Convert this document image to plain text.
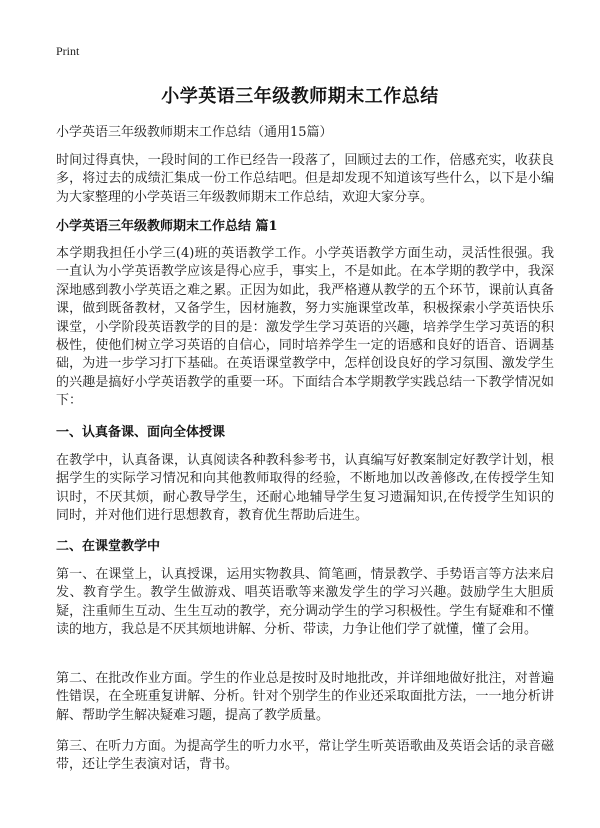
Print
小学英语三年级教师期末工作总结
小学英语三年级教师期末工作总结（通用15篇）
时间过得真快，一段时间的工作已经告一段落了，回顾过去的工作，倍感充实，收获良多，将过去的成绩汇集成一份工作总结吧。但是却发现不知道该写些什么，以下是小编为大家整理的小学英语三年级教师期末工作总结，欢迎大家分享。
小学英语三年级教师期末工作总结 篇1
本学期我担任小学三(4)班的英语教学工作。小学英语教学方面生动，灵活性很强。我一直认为小学英语教学应该是得心应手，事实上，不是如此。在本学期的教学中，我深深地感到教小学英语之难之累。正因为如此，我严格遵从教学的五个环节，课前认真备课，做到既备教材，又备学生，因材施教，努力实施课堂改革，积极探索小学英语快乐课堂，小学阶段英语教学的目的是：激发学生学习英语的兴趣，培养学生学习英语的积极性，使他们树立学习英语的自信心，同时培养学生一定的语感和良好的语音、语调基础，为进一步学习打下基础。在英语课堂教学中，怎样创设良好的学习氛围、激发学生的兴趣是搞好小学英语教学的重要一环。下面结合本学期教学实践总结一下教学情况如下：
一、认真备课、面向全体授课
在教学中，认真备课，认真阅读各种教科参考书，认真编写好教案制定好教学计划，根据学生的实际学习情况和向其他教师取得的经验，不断地加以改善修改,在传授学生知识时，不厌其烦，耐心教导学生，还耐心地辅导学生复习遗漏知识,在传授学生知识的同时，并对他们进行思想教育，教育优生帮助后进生。
二、在课堂教学中
第一、在课堂上，认真授课，运用实物教具、简笔画，情景教学、手势语言等方法来启发、教育学生。教学生做游戏、唱英语歌等来激发学生的学习兴趣。鼓励学生大胆质疑，注重师生互动、生生互动的教学，充分调动学生的学习积极性。学生有疑难和不懂读的地方，我总是不厌其烦地讲解、分析、带读，力争让他们学了就懂，懂了会用。
第二、在批改作业方面。学生的作业总是按时及时地批改，并详细地做好批注，对普遍性错误，在全班重复讲解、分析。针对个别学生的作业还采取面批方法，一一地分析讲解、帮助学生解决疑难习题，提高了教学质量。
第三、在听力方面。为提高学生的听力水平，常让学生听英语歌曲及英语会话的录音磁带，还让学生表演对话，背书。
